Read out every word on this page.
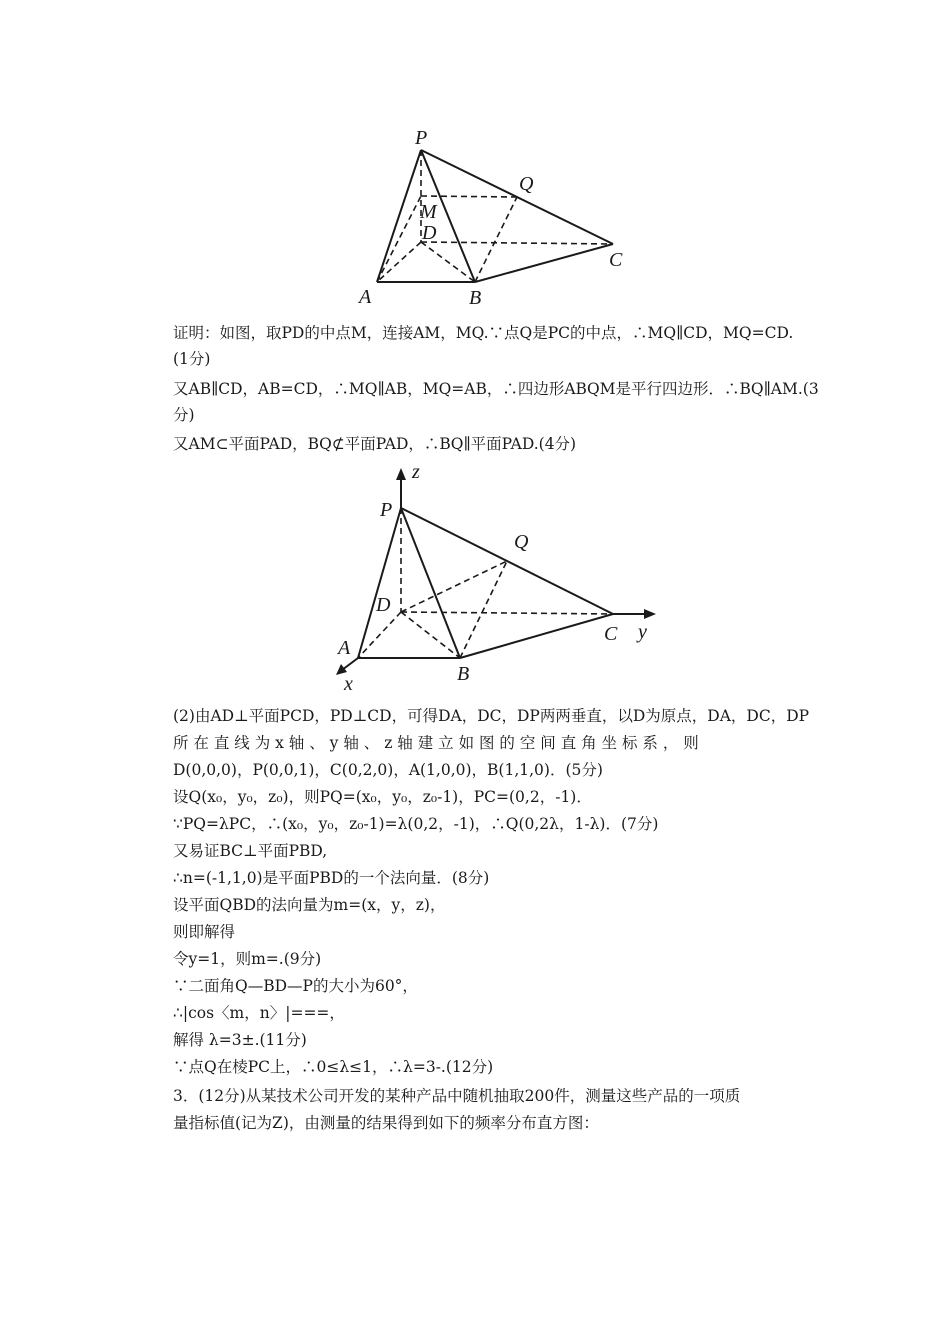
P
Q
M
D
C
A	B
证明：如图，取PD的中点M，连接AM，MQ.∵点Q是PC的中点，∴MQ∥CD，MQ=CD.
(1分)
又AB∥CD，AB=CD，∴MQ∥AB，MQ=AB，∴四边形ABQM是平行四边形．∴BQ∥AM.(3
分)
又AM⊂平面PAD，BQ⊄平面PAD，∴BQ∥平面PAD.(4分)
z
P
Q
D
C y
A
B
x
(2)由AD⊥平面PCD，PD⊥CD，可得DA，DC，DP两两垂直，以D为原点，DA，DC，DP
所 在 直 线 为 x 轴 、 y 轴 、 z 轴 建 立 如 图 的 空 间 直 角 坐 标 系 ， 则
D(0,0,0)，P(0,0,1)，C(0,2,0)，A(1,0,0)，B(1,1,0)．(5分)
设Q(x₀，y₀，z₀)，则PQ=(x₀，y₀，z₀-1)，PC=(0,2，-1)．
∵PQ=λPC，∴(x₀，y₀，z₀-1)=λ(0,2，-1)，∴Q(0,2λ，1-λ)．(7分)
又易证BC⊥平面PBD,
∴n=(-1,1,0)是平面PBD的一个法向量．(8分)
设平面QBD的法向量为m=(x，y，z)，
则即解得
令y=1，则m=.(9分)
∵二面角Q—BD—P的大小为60°，
∴|cos〈m，n〉|===，
解得 λ=3±.(11分)
∵点Q在棱PC上，∴0≤λ≤1，∴λ=3-.(12分)
3．(12分)从某技术公司开发的某种产品中随机抽取200件，测量这些产品的一项质
量指标值(记为Z)，由测量的结果得到如下的频率分布直方图：
